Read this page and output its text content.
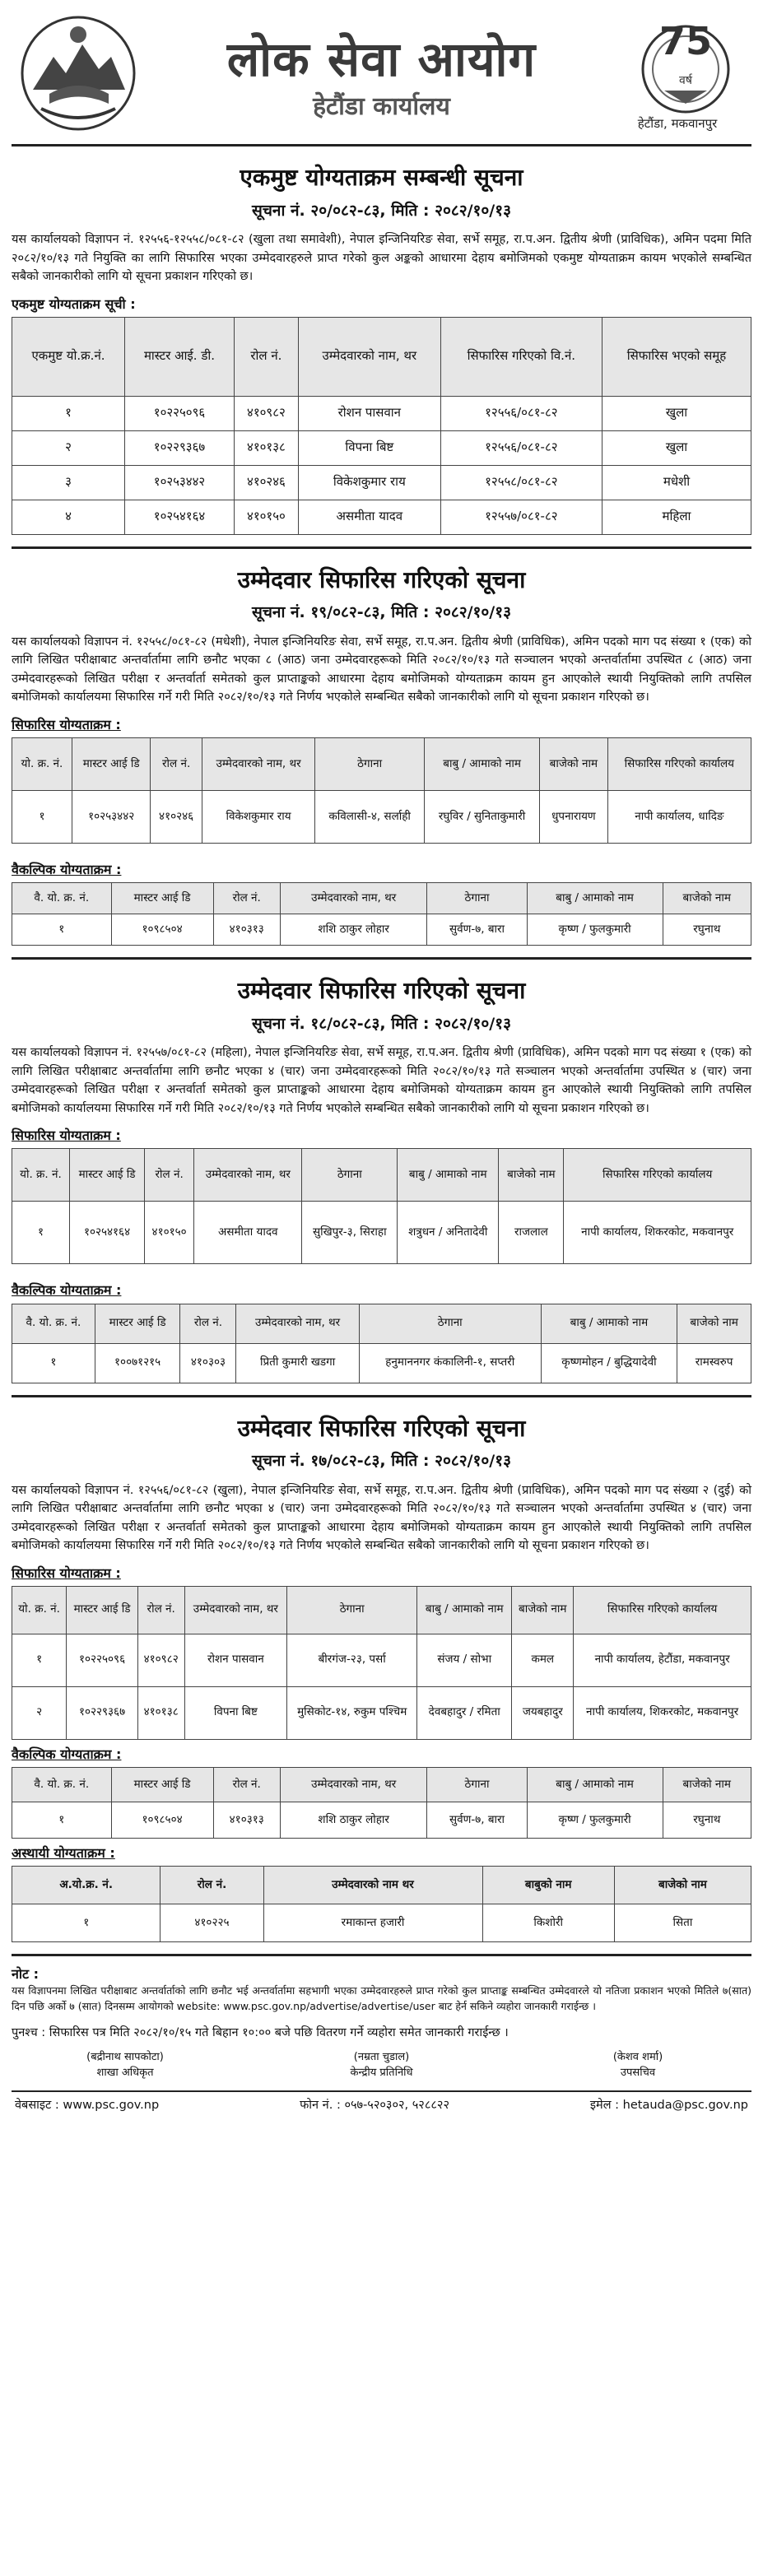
लोक सेवा आयोग
हेटौंडा कार्यालय
75
वर्ष
हेटौंडा, मकवानपुर
एकमुष्ट योग्यताक्रम सम्बन्धी सूचना
सूचना नं. २०/०८२-८३, मिति : २०८२/१०/१३

यस कार्यालयको विज्ञापन नं. १२५५६-१२५५८/०८१-८२ (खुला तथा समावेशी), नेपाल इन्जिनियरिङ सेवा, सर्भे समूह, रा.प.अन. द्वितीय श्रेणी (प्राविधिक), अमिन पदमा मिति २०८२/१०/१३ गते नियुक्ति का लागि सिफारिस भएका उम्मेदवारहरुले प्राप्त गरेको कुल अङ्कको आधारमा देहाय बमोजिमको एकमुष्ट योग्यताक्रम कायम भएकोले सम्बन्धित सबैको जानकारीको लागि यो सूचना प्रकाशन गरिएको छ।

एकमुष्ट योग्यताक्रम सूची :
एकमुष्ट यो.क्र.नं.	मास्टर आई. डी.	रोल नं.	उम्मेदवारको नाम, थर	सिफारिस गरिएको वि.नं.	सिफारिस भएको समूह
१	१०२२५०९६	४१०९८२	रोशन पासवान	१२५५६/०८१-८२	खुला
२	१०२२९३६७	४१०१३८	विपना बिष्ट	१२५५६/०८१-८२	खुला
३	१०२५३४४२	४१०२४६	विकेशकुमार राय	१२५५८/०८१-८२	मधेशी
४	१०२५४१६४	४१०१५०	असमीता यादव	१२५५७/०८१-८२	महिला
उम्मेदवार सिफारिस गरिएको सूचना
सूचना नं. १९/०८२-८३, मिति : २०८२/१०/१३

यस कार्यालयको विज्ञापन नं. १२५५८/०८१-८२ (मधेशी), नेपाल इन्जिनियरिङ सेवा, सर्भे समूह, रा.प.अन. द्वितीय श्रेणी (प्राविधिक), अमिन पदको माग पद संख्या १ (एक) को लागि लिखित परीक्षाबाट अन्तर्वार्तामा लागि छनौट भएका ८ (आठ) जना उम्मेदवारहरूको मिति २०८२/१०/१३ गते सञ्चालन भएको अन्तर्वार्तामा उपस्थित ८ (आठ) जना उम्मेदवारहरूको लिखित परीक्षा र अन्तर्वार्ता समेतको कुल प्राप्ताङ्कको आधारमा देहाय बमोजिमको योग्यताक्रम कायम हुन आएकोले स्थायी नियुक्तिको लागि तपसिल बमोजिमको कार्यालयमा सिफारिस गर्ने गरी मिति २०८२/१०/१३ गते निर्णय भएकोले सम्बन्धित सबैको जानकारीको लागि यो सूचना प्रकाशन गरिएको छ।

सिफारिस योग्यताक्रम :
यो. क्र. नं.	मास्टर आई डि	रोल नं.	उम्मेदवारको नाम, थर	ठेगाना	बाबु / आमाको नाम	बाजेको नाम	सिफारिस गरिएको कार्यालय
१	१०२५३४४२	४१०२४६	विकेशकुमार राय	कविलासी-४, सर्लाही	रघुविर / सुनिताकुमारी	धुपनारायण	नापी कार्यालय, धादिङ
वैकल्पिक योग्यताक्रम :
वै. यो. क्र. नं.	मास्टर आई डि	रोल नं.	उम्मेदवारको नाम, थर	ठेगाना	बाबु / आमाको नाम	बाजेको नाम
१	१०९८५०४	४१०३१३	शशि ठाकुर लोहार	सुर्वण-७, बारा	कृष्ण / फुलकुमारी	रघुनाथ
उम्मेदवार सिफारिस गरिएको सूचना
सूचना नं. १८/०८२-८३, मिति : २०८२/१०/१३

यस कार्यालयको विज्ञापन नं. १२५५७/०८१-८२ (महिला), नेपाल इन्जिनियरिङ सेवा, सर्भे समूह, रा.प.अन. द्वितीय श्रेणी (प्राविधिक), अमिन पदको माग पद संख्या १ (एक) को लागि लिखित परीक्षाबाट अन्तर्वार्तामा लागि छनौट भएका ४ (चार) जना उम्मेदवारहरूको मिति २०८२/१०/१३ गते सञ्चालन भएको अन्तर्वार्तामा उपस्थित ४ (चार) जना उम्मेदवारहरूको लिखित परीक्षा र अन्तर्वार्ता समेतको कुल प्राप्ताङ्कको आधारमा देहाय बमोजिमको योग्यताक्रम कायम हुन आएकोले स्थायी नियुक्तिको लागि तपसिल बमोजिमको कार्यालयमा सिफारिस गर्ने गरी मिति २०८२/१०/१३ गते निर्णय भएकोले सम्बन्धित सबैको जानकारीको लागि यो सूचना प्रकाशन गरिएको छ।

सिफारिस योग्यताक्रम :
यो. क्र. नं.	मास्टर आई डि	रोल नं.	उम्मेदवारको नाम, थर	ठेगाना	बाबु / आमाको नाम	बाजेको नाम	सिफारिस गरिएको कार्यालय
१	१०२५४१६४	४१०१५०	असमीता यादव	सुखिपुर-३, सिराहा	शत्रुधन / अनितादेवी	राजलाल	नापी कार्यालय, शिकरकोट, मकवानपुर
वैकल्पिक योग्यताक्रम :
वै. यो. क्र. नं.	मास्टर आई डि	रोल नं.	उम्मेदवारको नाम, थर	ठेगाना	बाबु / आमाको नाम	बाजेको नाम
१	१००७१२१५	४१०३०३	प्रिती कुमारी खडगा	हनुमाननगर कंकालिनी-१, सप्तरी	कृष्णमोहन / बुद्धियादेवी	रामस्वरुप
उम्मेदवार सिफारिस गरिएको सूचना
सूचना नं. १७/०८२-८३, मिति : २०८२/१०/१३

यस कार्यालयको विज्ञापन नं. १२५५६/०८१-८२ (खुला), नेपाल इन्जिनियरिङ सेवा, सर्भे समूह, रा.प.अन. द्वितीय श्रेणी (प्राविधिक), अमिन पदको माग पद संख्या २ (दुई) को लागि लिखित परीक्षाबाट अन्तर्वार्तामा लागि छनौट भएका ४ (चार) जना उम्मेदवारहरूको मिति २०८२/१०/१३ गते सञ्चालन भएको अन्तर्वार्तामा उपस्थित ४ (चार) जना उम्मेदवारहरूको लिखित परीक्षा र अन्तर्वार्ता समेतको कुल प्राप्ताङ्कको आधारमा देहाय बमोजिमको योग्यताक्रम कायम हुन आएकोले स्थायी नियुक्तिको लागि तपसिल बमोजिमको कार्यालयमा सिफारिस गर्ने गरी मिति २०८२/१०/१३ गते निर्णय भएकोले सम्बन्धित सबैको जानकारीको लागि यो सूचना प्रकाशन गरिएको छ।

सिफारिस योग्यताक्रम :
यो. क्र. नं.	मास्टर आई डि	रोल नं.	उम्मेदवारको नाम, थर	ठेगाना	बाबु / आमाको नाम	बाजेको नाम	सिफारिस गरिएको कार्यालय
१	१०२२५०९६	४१०९८२	रोशन पासवान	बीरगंज-२३, पर्सा	संजय / सोभा	कमल	नापी कार्यालय, हेटौंडा, मकवानपुर
२	१०२२९३६७	४१०१३८	विपना बिष्ट	मुसिकोट-१४, रुकुम पश्चिम	देवबहादुर / रमिता	जयबहादुर	नापी कार्यालय, शिकरकोट, मकवानपुर
वैकल्पिक योग्यताक्रम :
वै. यो. क्र. नं.	मास्टर आई डि	रोल नं.	उम्मेदवारको नाम, थर	ठेगाना	बाबु / आमाको नाम	बाजेको नाम
१	१०९८५०४	४१०३१३	शशि ठाकुर लोहार	सुर्वण-७, बारा	कृष्ण / फुलकुमारी	रघुनाथ
अस्थायी योग्यताक्रम :
अ.यो.क्र. नं.	रोल नं.	उम्मेदवारको नाम थर	बाबुको नाम	बाजेको नाम
१	४१०२२५	रमाकान्त हजारी	किशोरी	सिता
नोट :

यस विज्ञापनमा लिखित परीक्षाबाट अन्तर्वार्ताको लागि छनौट भई अन्तर्वार्तामा सहभागी भएका उम्मेदवारहरुले प्राप्त गरेको कुल प्राप्ताङ्क सम्बन्धित उम्मेदवारले यो नतिजा प्रकाशन भएको मितिले ७(सात) दिन पछि अर्को ७ (सात) दिनसम्म आयोगको website: www.psc.gov.np/advertise/advertise/user बाट हेर्न सकिने व्यहोरा जानकारी गराईन्छ ।

पुनश्च : सिफारिस पत्र मिति २०८२/१०/१५ गते बिहान १०:०० बजे पछि वितरण गर्ने व्यहोरा समेत जानकारी गराईन्छ ।

(बद्रीनाथ सापकोटा)
शाखा अधिकृत
(नम्रता चुडाल)
केन्द्रीय प्रतिनिधि
(केशव शर्मा)
उपसचिव
वेबसाइट : www.psc.gov.np	फोन नं. : ०५७-५२०३०२, ५२८८२२	इमेल : hetauda@psc.gov.np
